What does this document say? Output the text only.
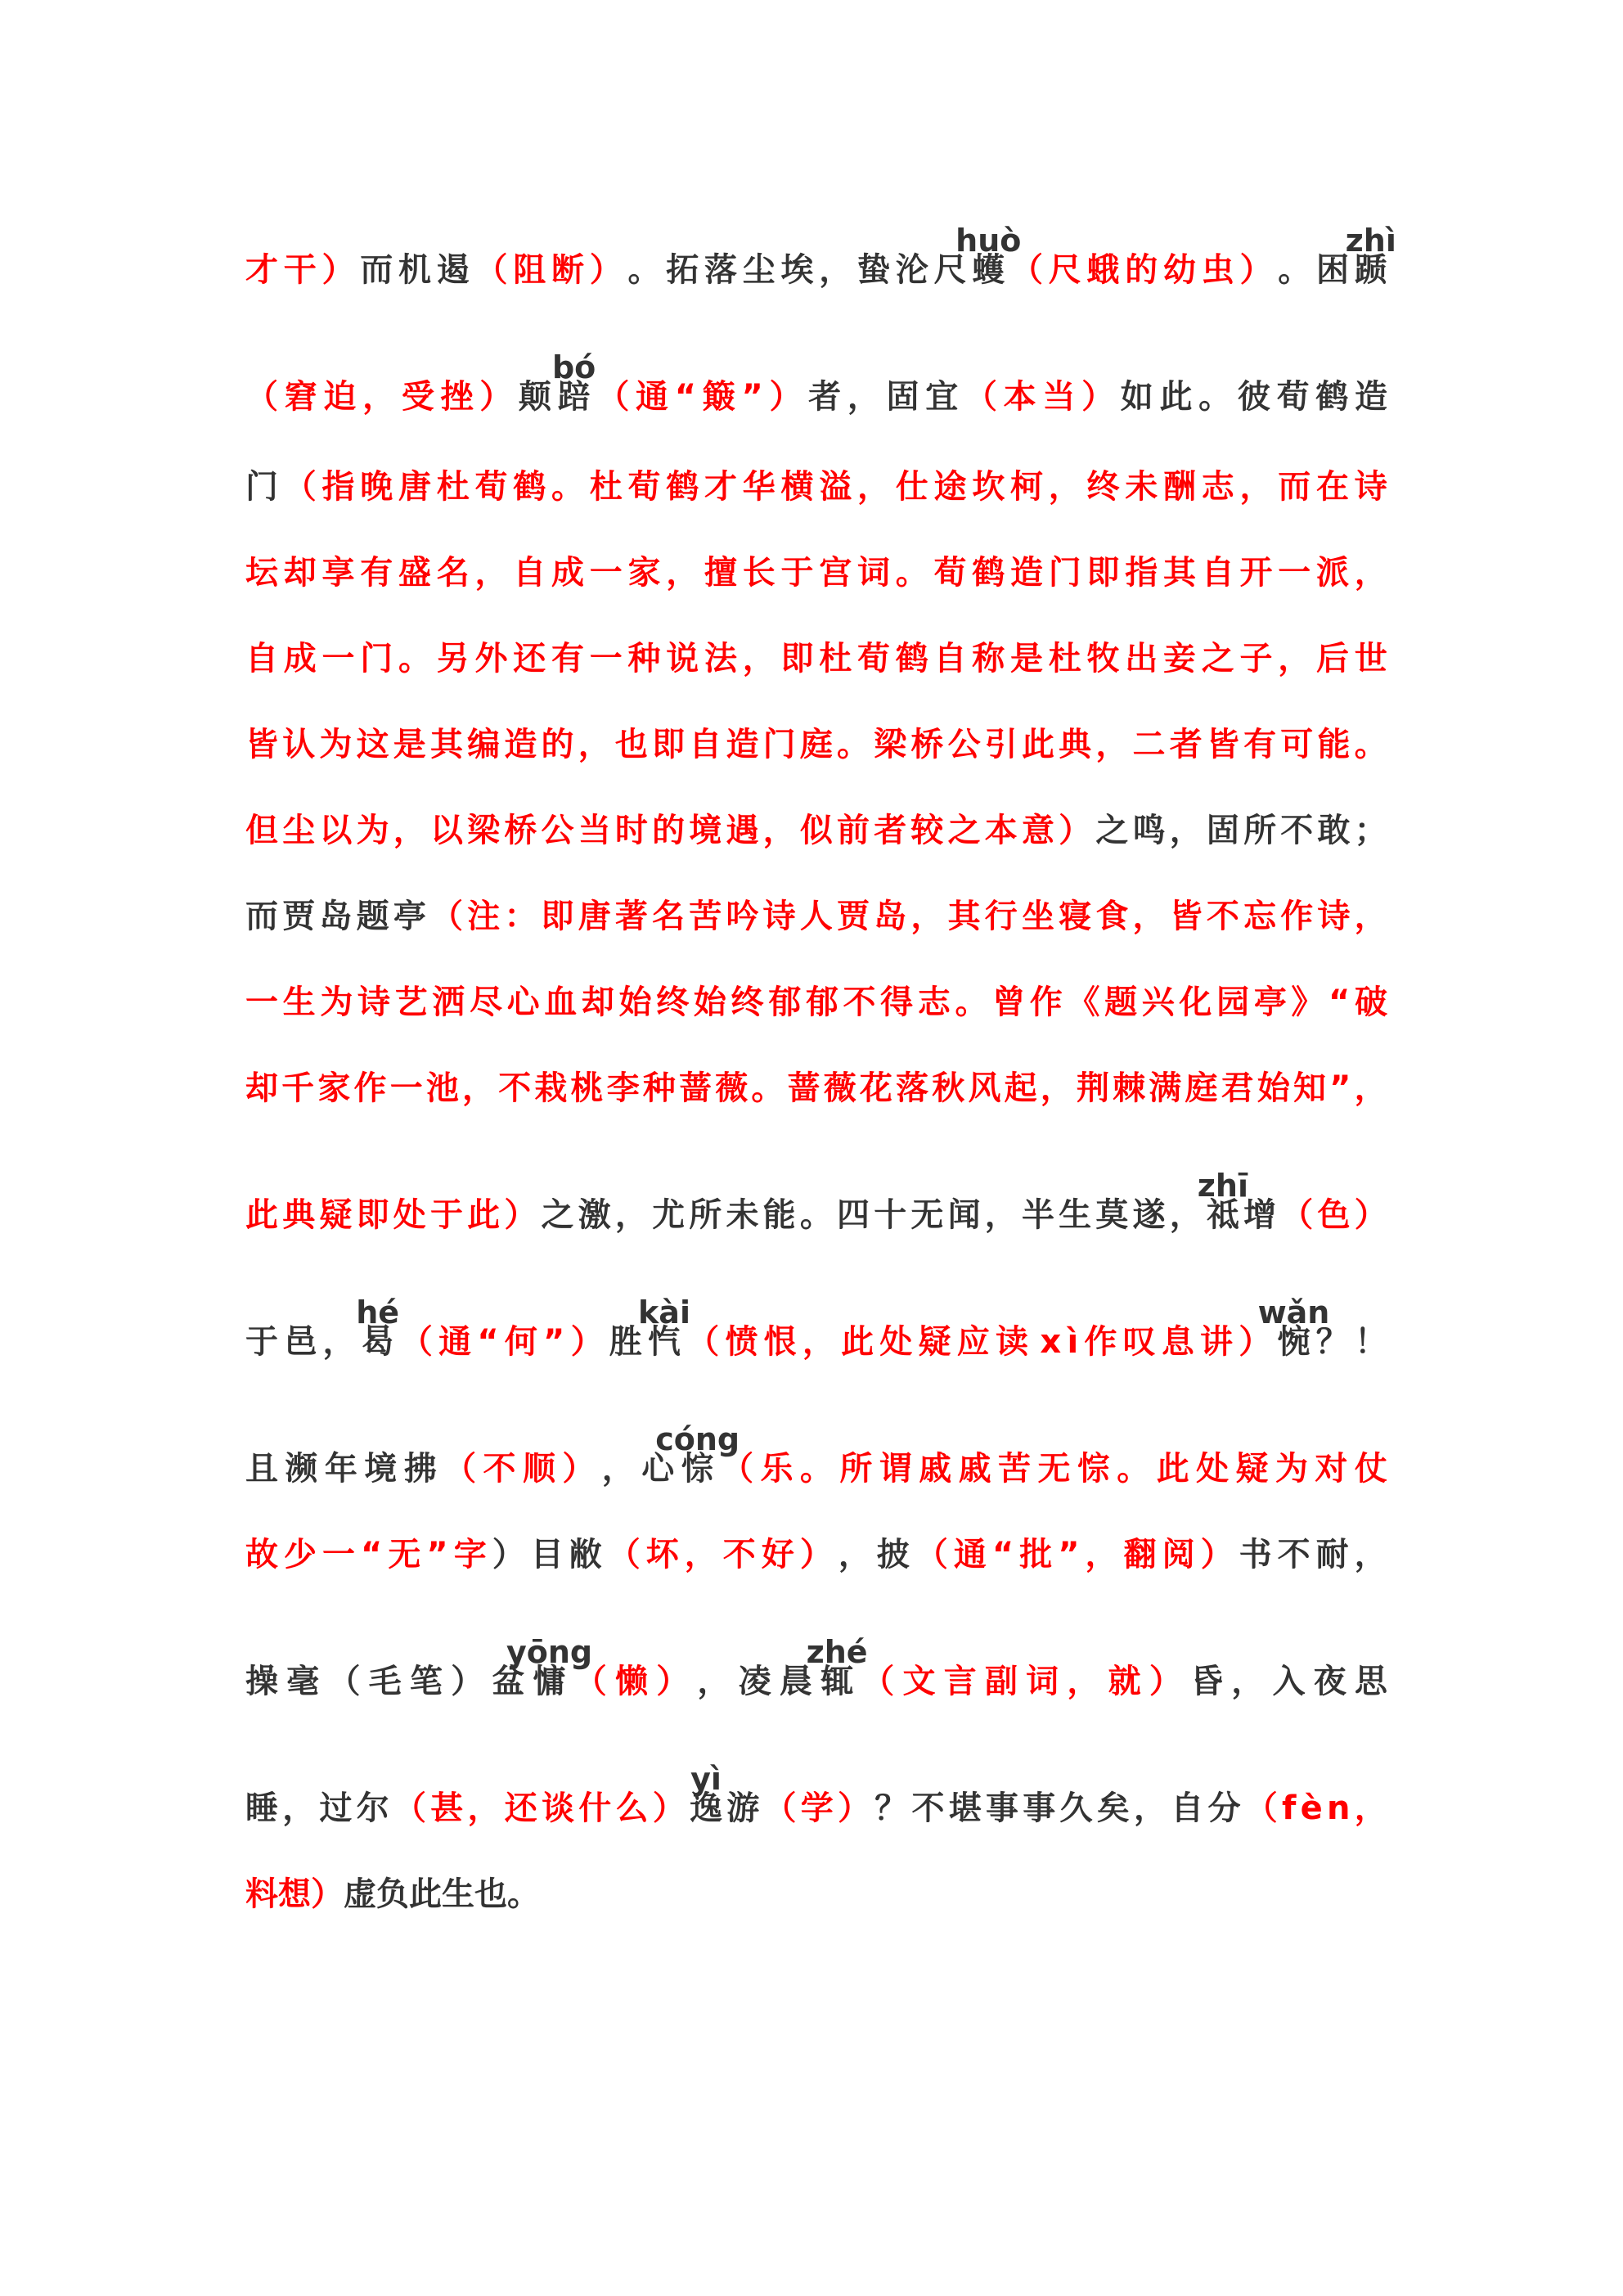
才 干 ） 而 机 遏 （ 阻 断 ） 。 拓 落 尘 埃 ， 蛰 沦 尺 蠖
huò
（ 尺 蛾 的 幼 虫 ） 。 困 踬
zhì
（ 窘 迫 ， 受 挫 ） 颠 踣
bó
（ 通 “ 簸 ” ） 者 ， 固 宜 （ 本 当 ） 如 此 。 彼 荀 鹤 造
门 （ 指 晚 唐 杜 荀 鹤 。 杜 荀 鹤 才 华 横 溢 ， 仕 途 坎 柯 ， 终 未 酬 志 ， 而 在 诗
坛 却 享 有 盛 名 ， 自 成 一 家 ， 擅 长 于 宫 词 。 荀 鹤 造 门 即 指 其 自 开 一 派 ，
自 成 一 门 。 另 外 还 有 一 种 说 法 ， 即 杜 荀 鹤 自 称 是 杜 牧 出 妾 之 子 ， 后 世
皆 认 为 这 是 其 编 造 的 ， 也 即 自 造 门 庭 。 梁 桥 公 引 此 典 ， 二 者 皆 有 可 能 。
但 尘 以 为 ， 以 梁 桥 公 当 时 的 境 遇 ， 似 前 者 较 之 本 意 ） 之 鸣 ， 固 所 不 敢 ；
而 贾 岛 题 亭 （ 注 ： 即 唐 著 名 苦 吟 诗 人 贾 岛 ， 其 行 坐 寝 食 ， 皆 不 忘 作 诗 ，
一 生 为 诗 艺 洒 尽 心 血 却 始 终 始 终 郁 郁 不 得 志 。 曾 作 《 题 兴 化 园 亭 》 “ 破
却 千 家 作 一 池 ， 不 栽 桃 李 种 蔷 薇 。 蔷 薇 花 落 秋 风 起 ， 荆 棘 满 庭 君 始 知 ” ，
此 典 疑 即 处 于 此 ） 之 激 ， 尤 所 未 能 。 四 十 无 闻 ， 半 生 莫 遂 ， 祗
zhī
增 （ 色 ）
于 邑 ， 曷
hé
（ 通 “ 何 ” ） 胜 忾
kài
（ 愤 恨 ， 此 处 疑 应 读 x ì 作 叹 息 讲 ） 惋
wǎn
？ ！
且 濒 年 境 拂 （ 不 顺 ） ， 心 悰
cóng
（ 乐 。 所 谓 戚 戚 苦 无 悰 。 此 处 疑 为 对 仗
故 少 一 “ 无 ” 字 ） 目 敝 （ 坏 ， 不 好 ） ， 披 （ 通 “ 批 ” ， 翻 阅 ） 书 不 耐 ，
操 毫 （ 毛 笔 ） 盆 慵
yōng
（ 懒 ） ， 凌 晨 辄
zhé
（ 文 言 副 词 ， 就 ） 昏 ， 入 夜 思
睡 ， 过 尔 （ 甚 ， 还 谈 什 么 ） 逸
yì
游 （ 学 ） ？ 不 堪 事 事 久 矣 ， 自 分 （ f è n ，
料 想 ） 虚 负 此 生 也 。
